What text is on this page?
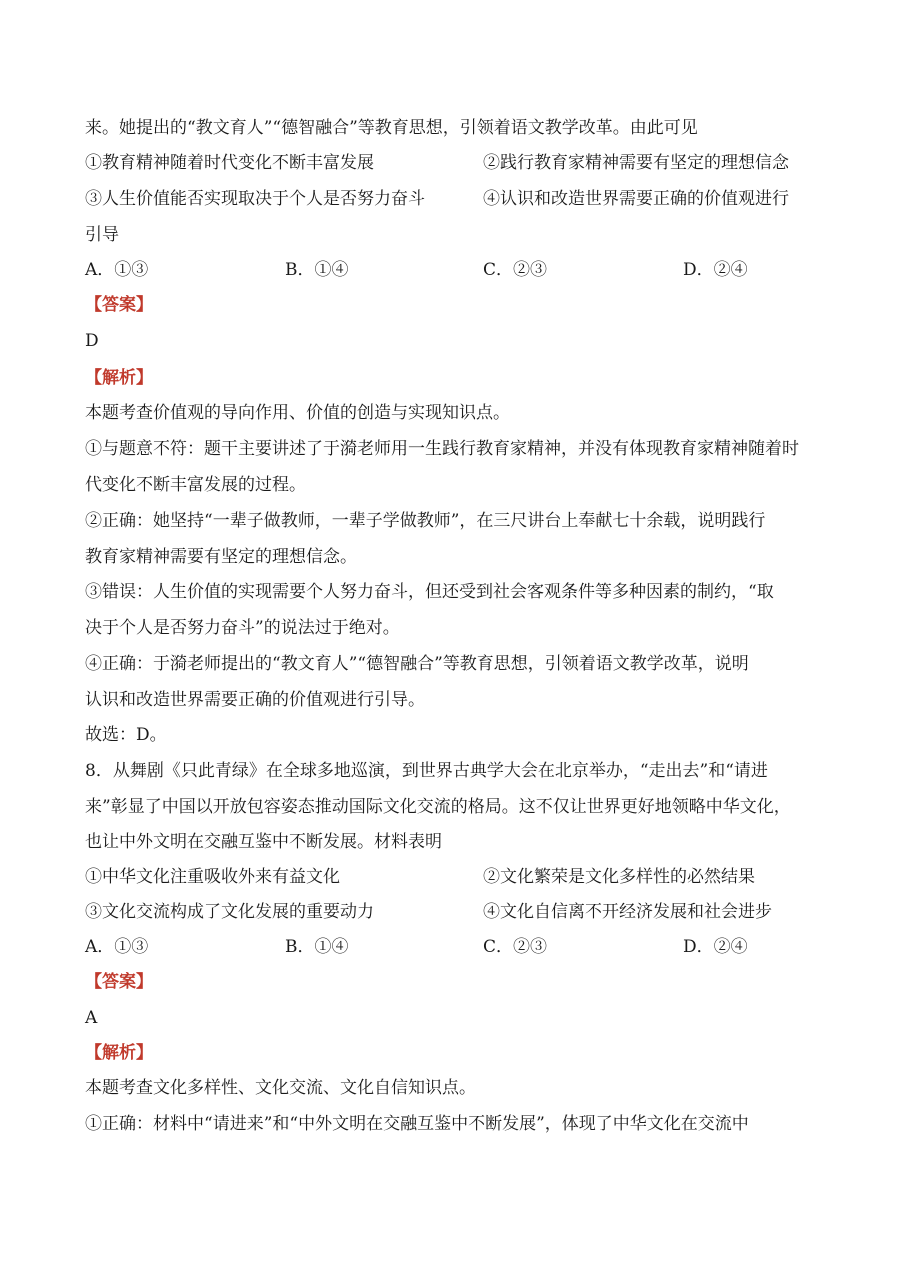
来。她提出的“教文育人”“德智融合”等教育思想，引领着语文教学改革。由此可见
①教育精神随着时代变化不断丰富发展	②践行教育家精神需要有坚定的理想信念
③人生价值能否实现取决于个人是否努力奋斗	④认识和改造世界需要正确的价值观进行
引导
A．①③	B．①④	C．②③	D．②④
【答案】
D
【解析】
本题考查价值观的导向作用、价值的创造与实现知识点。
①与题意不符：题干主要讲述了于漪老师用一生践行教育家精神，并没有体现教育家精神随着时
代变化不断丰富发展的过程。
②正确：她坚持“一辈子做教师，一辈子学做教师”，在三尺讲台上奉献七十余载，说明践行
教育家精神需要有坚定的理想信念。
③错误：人生价值的实现需要个人努力奋斗，但还受到社会客观条件等多种因素的制约，“取
决于个人是否努力奋斗”的说法过于绝对。
④正确：于漪老师提出的“教文育人”“德智融合”等教育思想，引领着语文教学改革，说明
认识和改造世界需要正确的价值观进行引导。
故选：D。
8．从舞剧《只此青绿》在全球多地巡演，到世界古典学大会在北京举办，“走出去”和“请进
来”彰显了中国以开放包容姿态推动国际文化交流的格局。这不仅让世界更好地领略中华文化，
也让中外文明在交融互鉴中不断发展。材料表明
①中华文化注重吸收外来有益文化	②文化繁荣是文化多样性的必然结果
③文化交流构成了文化发展的重要动力	④文化自信离不开经济发展和社会进步
A．①③	B．①④	C．②③	D．②④
【答案】
A
【解析】
本题考查文化多样性、文化交流、文化自信知识点。
①正确：材料中“请进来”和“中外文明在交融互鉴中不断发展”，体现了中华文化在交流中
